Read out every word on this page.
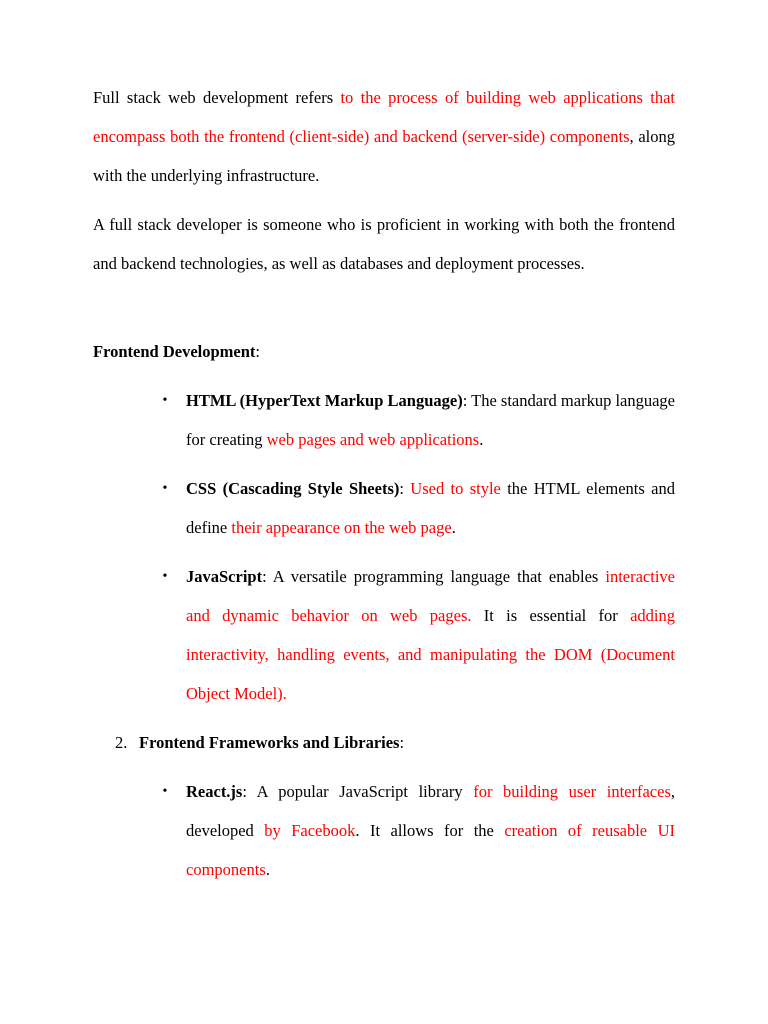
Full stack web development refers to the process of building web applications that encompass both the frontend (client-side) and backend (server-side) components, along with the underlying infrastructure.

A full stack developer is someone who is proficient in working with both the frontend and backend technologies, as well as databases and deployment processes.

Frontend Development:

• HTML (HyperText Markup Language): The standard markup language for creating web pages and web applications.
• CSS (Cascading Style Sheets): Used to style the HTML elements and define their appearance on the web page.
• JavaScript: A versatile programming language that enables interactive and dynamic behavior on web pages. It is essential for adding interactivity, handling events, and manipulating the DOM (Document Object Model).
2. Frontend Frameworks and Libraries:
• React.js: A popular JavaScript library for building user interfaces, developed by Facebook. It allows for the creation of reusable UI components.
